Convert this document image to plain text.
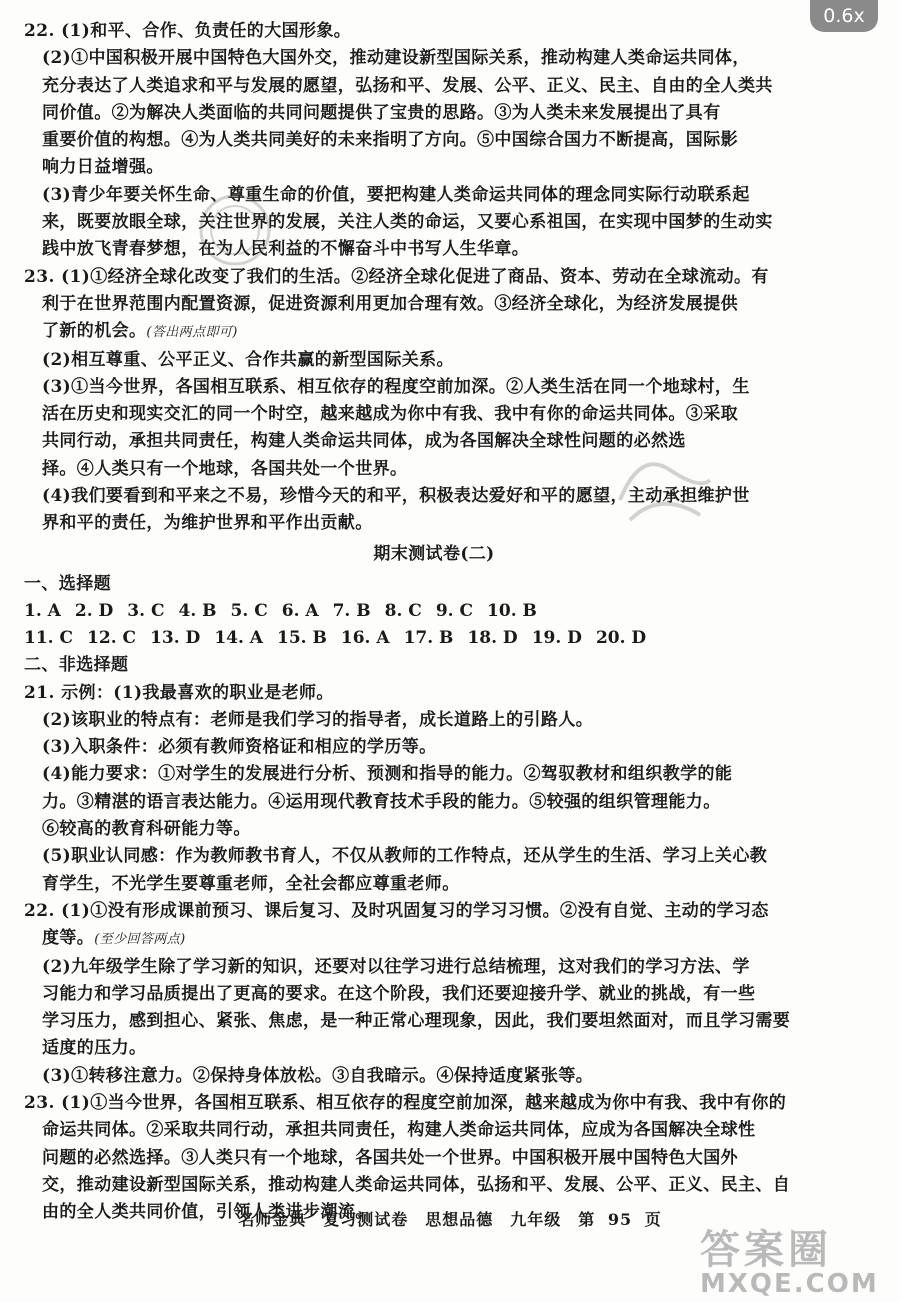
0.6x
22. (1)和平、合作、负责任的大国形象。
(2)①中国积极开展中国特色大国外交，推动建设新型国际关系，推动构建人类命运共同体，
充分表达了人类追求和平与发展的愿望，弘扬和平、发展、公平、正义、民主、自由的全人类共
同价值。②为解决人类面临的共同问题提供了宝贵的思路。③为人类未来发展提出了具有
重要价值的构想。④为人类共同美好的未来指明了方向。⑤中国综合国力不断提高，国际影
响力日益增强。
(3)青少年要关怀生命、尊重生命的价值，要把构建人类命运共同体的理念同实际行动联系起
来，既要放眼全球，关注世界的发展，关注人类的命运，又要心系祖国，在实现中国梦的生动实
践中放飞青春梦想，在为人民利益的不懈奋斗中书写人生华章。
23. (1)①经济全球化改变了我们的生活。②经济全球化促进了商品、资本、劳动在全球流动。有
利于在世界范围内配置资源，促进资源利用更加合理有效。③经济全球化，为经济发展提供
了新的机会。(答出两点即可)
(2)相互尊重、公平正义、合作共赢的新型国际关系。
(3)①当今世界，各国相互联系、相互依存的程度空前加深。②人类生活在同一个地球村，生
活在历史和现实交汇的同一个时空，越来越成为你中有我、我中有你的命运共同体。③采取
共同行动，承担共同责任，构建人类命运共同体，成为各国解决全球性问题的必然选
择。④人类只有一个地球，各国共处一个世界。
(4)我们要看到和平来之不易，珍惜今天的和平，积极表达爱好和平的愿望，主动承担维护世
界和平的责任，为维护世界和平作出贡献。
期末测试卷(二)
一、选择题
1. A 2. D 3. C 4. B 5. C 6. A 7. B 8. C 9. C 10. B
11. C 12. C 13. D 14. A 15. B 16. A 17. B 18. D 19. D 20. D
二、非选择题
21. 示例：(1)我最喜欢的职业是老师。
(2)该职业的特点有：老师是我们学习的指导者，成长道路上的引路人。
(3)入职条件：必须有教师资格证和相应的学历等。
(4)能力要求：①对学生的发展进行分析、预测和指导的能力。②驾驭教材和组织教学的能
力。③精湛的语言表达能力。④运用现代教育技术手段的能力。⑤较强的组织管理能力。
⑥较高的教育科研能力等。
(5)职业认同感：作为教师教书育人，不仅从教师的工作特点，还从学生的生活、学习上关心教
育学生，不光学生要尊重老师，全社会都应尊重老师。
22. (1)①没有形成课前预习、课后复习、及时巩固复习的学习习惯。②没有自觉、主动的学习态
度等。(至少回答两点)
(2)九年级学生除了学习新的知识，还要对以往学习进行总结梳理，这对我们的学习方法、学
习能力和学习品质提出了更高的要求。在这个阶段，我们还要迎接升学、就业的挑战，有一些
学习压力，感到担心、紧张、焦虑，是一种正常心理现象，因此，我们要坦然面对，而且学习需要
适度的压力。
(3)①转移注意力。②保持身体放松。③自我暗示。④保持适度紧张等。
23. (1)①当今世界，各国相互联系、相互依存的程度空前加深，越来越成为你中有我、我中有你的
命运共同体。②采取共同行动，承担共同责任，构建人类命运共同体，应成为各国解决全球性
问题的必然选择。③人类只有一个地球，各国共处一个世界。中国积极开展中国特色大国外
交，推动建设新型国际关系，推动构建人类命运共同体，弘扬和平、发展、公平、正义、民主、自
由的全人类共同价值，引领人类进步潮流。
名师金典　复习测试卷　思想品德　九年级　第 95 页
答案圈
MXQE.COM
